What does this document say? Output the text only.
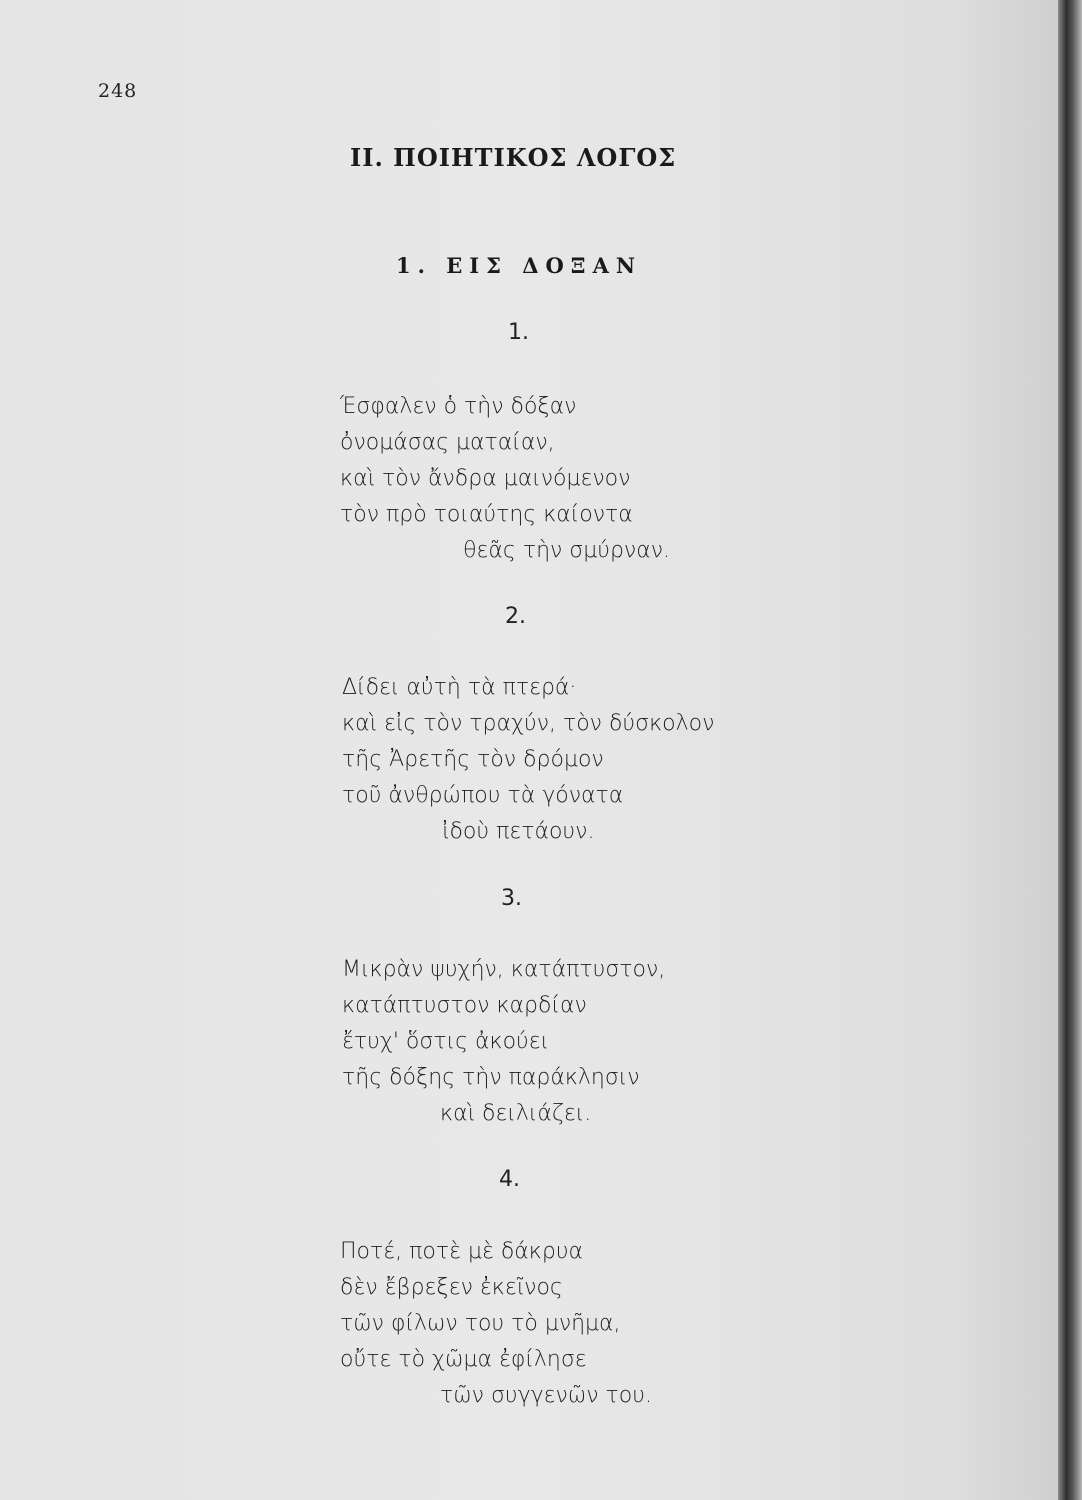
248
ΙΙ. ΠΟΙΗΤΙΚΟΣ ΛΟΓΟΣ
1. ΕΙΣ ΔΟΞΑΝ
1.
Έσφαλεν ὁ τὴν δόξαν
ὀνομάσας ματαίαν,
καὶ τὸν ἄνδρα μαινόμενον
τὸν πρὸ τοιαύτης καίοντα
θεᾶς τὴν σμύρναν.
2.
Δίδει αὐτὴ τὰ πτερά·
καὶ εἰς τὸν τραχύν, τὸν δύσκολον
τῆς Ἀρετῆς τὸν δρόμον
τοῦ ἀνθρώπου τὰ γόνατα
ἰδοὺ πετάουν.
3.
Μικρὰν ψυχήν, κατάπτυστον,
κατάπτυστον καρδίαν
ἔτυχ' ὅστις ἀκούει
τῆς δόξης τὴν παράκλησιν
καὶ δειλιάζει.
4.
Ποτέ, ποτὲ μὲ δάκρυα
δὲν ἔβρεξεν ἐκεῖνος
τῶν φίλων του τὸ μνῆμα,
οὔτε τὸ χῶμα ἐφίλησε
τῶν συγγενῶν του.
